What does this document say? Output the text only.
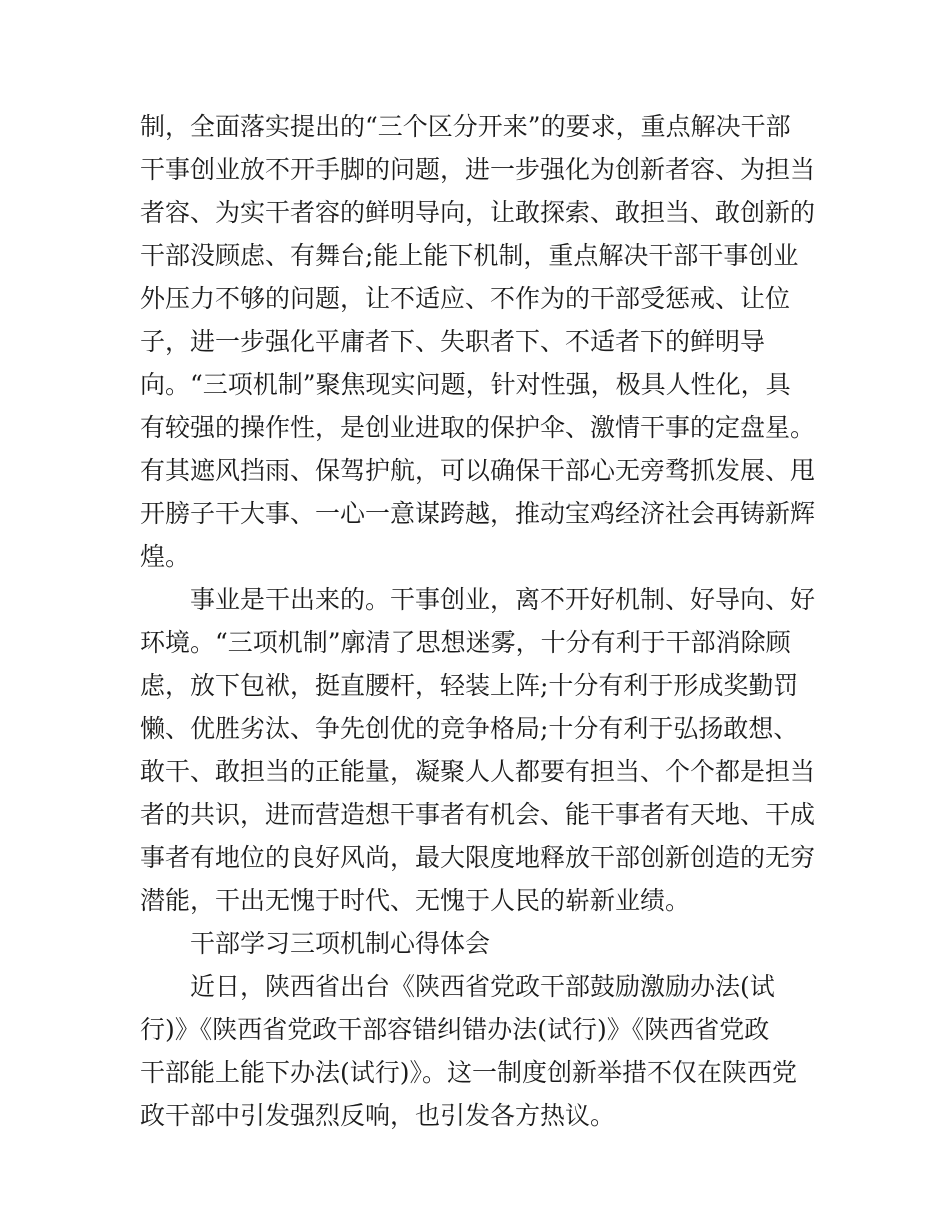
制，全面落实提出的“三个区分开来”的要求，重点解决干部
干事创业放不开手脚的问题，进一步强化为创新者容、为担当
者容、为实干者容的鲜明导向，让敢探索、敢担当、敢创新的
干部没顾虑、有舞台;能上能下机制，重点解决干部干事创业
外压力不够的问题，让不适应、不作为的干部受惩戒、让位
子，进一步强化平庸者下、失职者下、不适者下的鲜明导
向。“三项机制”聚焦现实问题，针对性强，极具人性化，具
有较强的操作性，是创业进取的保护伞、激情干事的定盘星。
有其遮风挡雨、保驾护航，可以确保干部心无旁骛抓发展、甩
开膀子干大事、一心一意谋跨越，推动宝鸡经济社会再铸新辉
煌。
事业是干出来的。干事创业，离不开好机制、好导向、好
环境。“三项机制”廓清了思想迷雾，十分有利于干部消除顾
虑，放下包袱，挺直腰杆，轻装上阵;十分有利于形成奖勤罚
懒、优胜劣汰、争先创优的竞争格局;十分有利于弘扬敢想、
敢干、敢担当的正能量，凝聚人人都要有担当、个个都是担当
者的共识，进而营造想干事者有机会、能干事者有天地、干成
事者有地位的良好风尚，最大限度地释放干部创新创造的无穷
潜能，干出无愧于时代、无愧于人民的崭新业绩。
干部学习三项机制心得体会
近日，陕西省出台《陕西省党政干部鼓励激励办法(试
行)》《陕西省党政干部容错纠错办法(试行)》《陕西省党政
干部能上能下办法(试行)》。这一制度创新举措不仅在陕西党
政干部中引发强烈反响，也引发各方热议。
